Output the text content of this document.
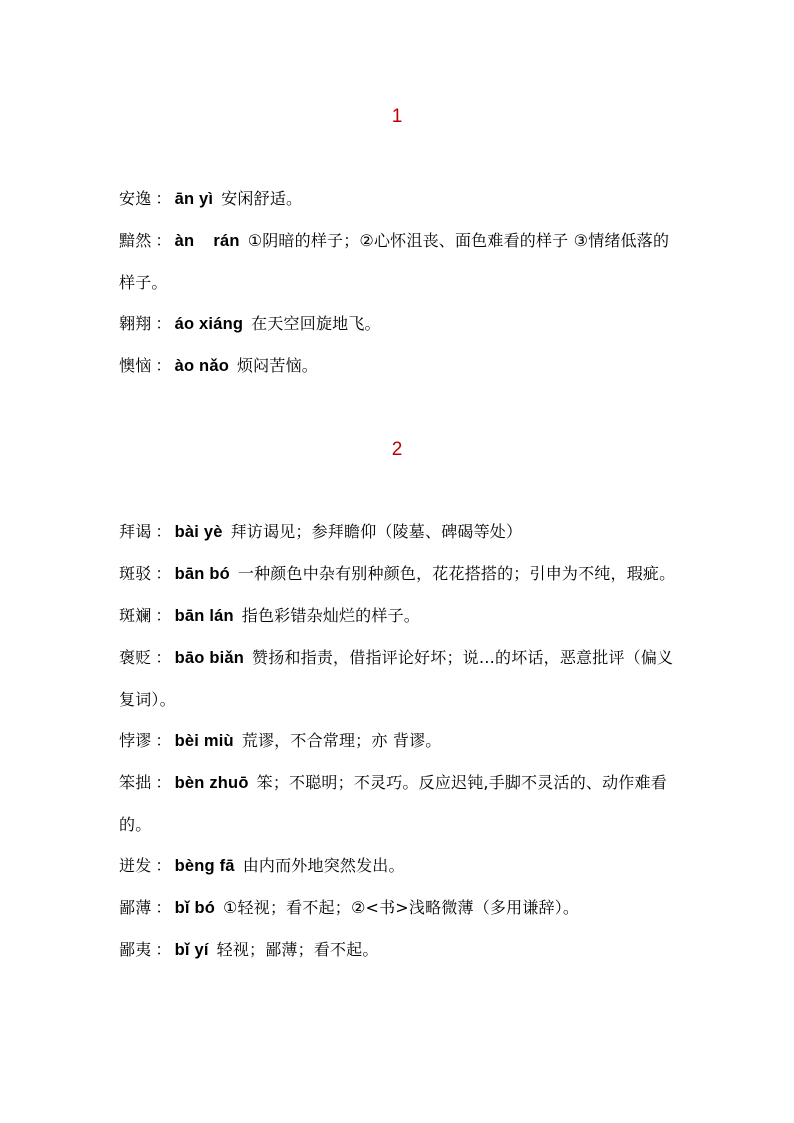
1

安逸 ： ān yì 安闲舒适。

黯然 ： àn    rán ①阴暗的样子；②心怀沮丧、面色难看的样子 ③情绪低落的样子。

翱翔 ： áo xiáng 在天空回旋地飞。

懊恼 ： ào nǎo 烦闷苦恼。

2

拜谒 ： bài yè 拜访谒见；参拜瞻仰（陵墓、碑碣等处）

斑驳 ： bān bó 一种颜色中杂有别种颜色，花花搭搭的；引申为不纯，瑕疵。

斑斓 ： bān lán 指色彩错杂灿烂的样子。

褒贬 ： bāo biǎn 赞扬和指责，借指评论好坏；说…的坏话，恶意批评（偏义复词）。

悖谬 ： bèi miù 荒谬，不合常理；亦 背谬。

笨拙 ： bèn zhuō 笨；不聪明；不灵巧。反应迟钝,手脚不灵活的、动作难看的。

迸发 ： bèng fā 由内而外地突然发出。

鄙薄 ： bǐ bó ①轻视；看不起；②<书>浅略微薄（多用谦辞）。

鄙夷 ： bǐ yí 轻视；鄙薄；看不起。
